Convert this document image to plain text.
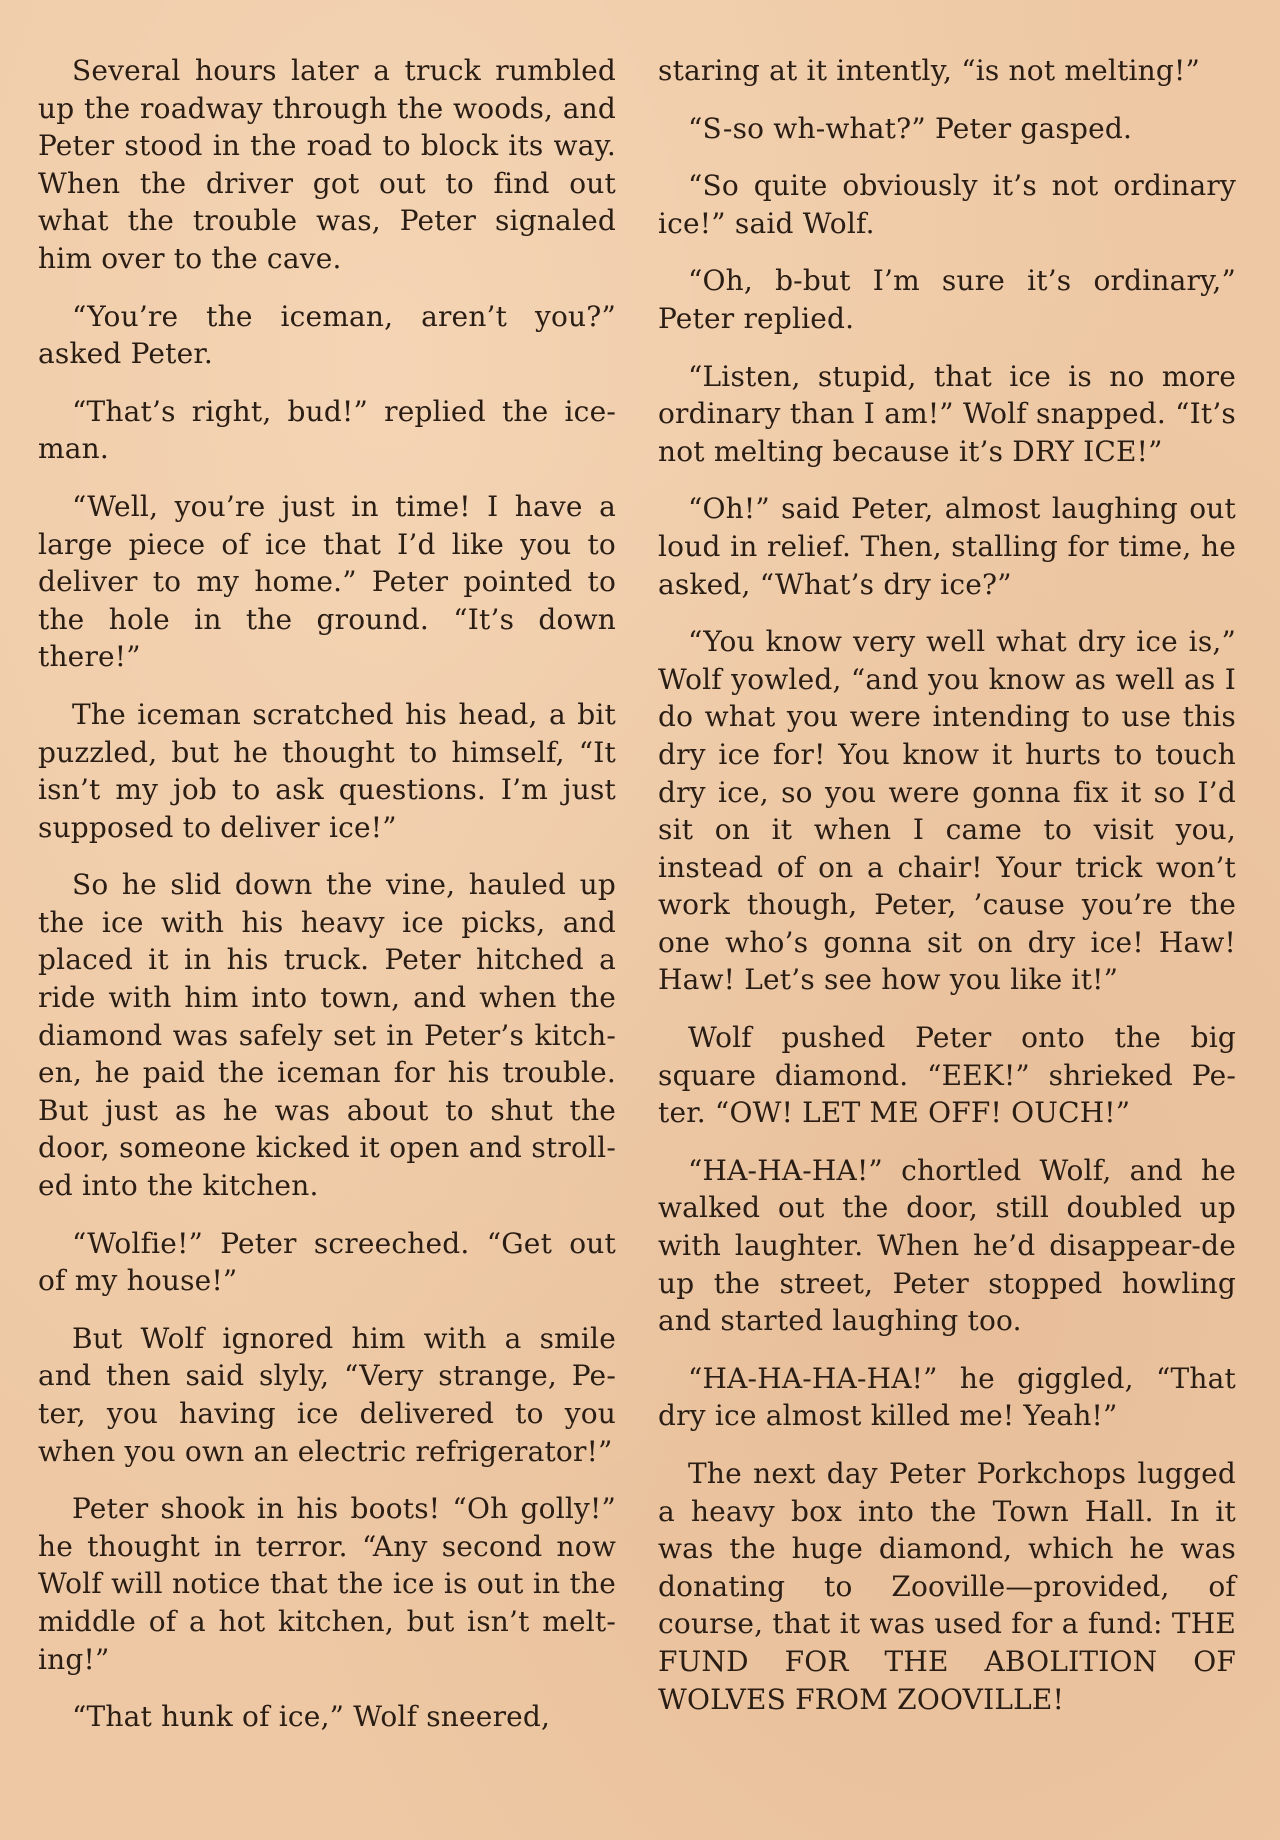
Several hours later a truck rumbled up the roadway through the woods, and Peter stood in the road to block its way. When the driver got out to find out what the trouble was, Peter signaled him over to the cave.

“You’re the iceman, aren’t you?” asked Peter.

“That’s right, bud!” replied the ice-man.

“Well, you’re just in time! I have a large piece of ice that I’d like you to deliver to my home.” Peter pointed to the hole in the ground. “It’s down there!”

The iceman scratched his head, a bit puzzled, but he thought to himself, “It isn’t my job to ask questions. I’m just supposed to deliver ice!”

So he slid down the vine, hauled up the ice with his heavy ice picks, and placed it in his truck. Peter hitched a ride with him into town, and when the diamond was safely set in Peter’s kitch-en, he paid the iceman for his trouble. But just as he was about to shut the door, someone kicked it open and stroll-ed into the kitchen.

“Wolfie!” Peter screeched. “Get out of my house!”

But Wolf ignored him with a smile and then said slyly, “Very strange, Pe-ter, you having ice delivered to you when you own an electric refrigerator!”

Peter shook in his boots! “Oh golly!” he thought in terror. “Any second now Wolf will notice that the ice is out in the middle of a hot kitchen, but isn’t melt-ing!”

“That hunk of ice,” Wolf sneered,

staring at it intently, “is not melting!”

“S-so wh-what?” Peter gasped.

“So quite obviously it’s not ordinary ice!” said Wolf.

“Oh, b-but I’m sure it’s ordinary,” Peter replied.

“Listen, stupid, that ice is no more ordinary than I am!” Wolf snapped. “It’s not melting because it’s DRY ICE!”

“Oh!” said Peter, almost laughing out loud in relief. Then, stalling for time, he asked, “What’s dry ice?”

“You know very well what dry ice is,” Wolf yowled, “and you know as well as I do what you were intending to use this dry ice for! You know it hurts to touch dry ice, so you were gonna fix it so I’d sit on it when I came to visit you, instead of on a chair! Your trick won’t work though, Peter, ’cause you’re the one who’s gonna sit on dry ice! Haw! Haw! Let’s see how you like it!”

Wolf pushed Peter onto the big square diamond. “EEK!” shrieked Pe-ter. “OW! LET ME OFF! OUCH!”

“HA-HA-HA!” chortled Wolf, and he walked out the door, still doubled up with laughter. When he’d disappear-de up the street, Peter stopped howling and started laughing too.

“HA-HA-HA-HA!” he giggled, “That dry ice almost killed me! Yeah!”

The next day Peter Porkchops lugged a heavy box into the Town Hall. In it was the huge diamond, which he was donating to Zooville—provided, of course, that it was used for a fund: THE FUND FOR THE ABOLITION OF WOLVES FROM ZOOVILLE!
